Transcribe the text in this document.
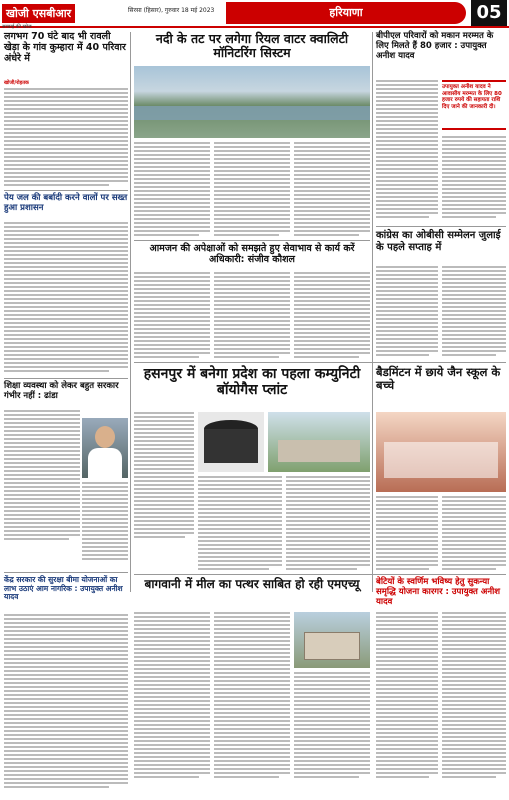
खोजी एसबीआर
सच्चाई की खोज
सिरसा (हिसार), गुरुवार 18 मई 2023	हरियाणा	05
लगभग 70 घंटे बाद भी रावली खेड़ा के गांव कुम्हारा में 40 परिवार अंधेरे में
खोजी/रोहतक
पेय जल की बर्बादी करने वालों पर सख्त हुआ प्रशासन
शिक्षा व्यवस्था को लेकर बहुत सरकार गंभीर नहीं : ढांडा
केंद्र सरकार की सुरक्षा बीमा योजनाओं का लाभ उठाएं आम नागरिक : उपायुक्त अनीश यादव
नदी के तट पर लगेगा रियल वाटर क्वालिटी मॉनिटरिंग सिस्टम
आमजन की अपेक्षाओं को समझते हुए सेवाभाव से कार्य करें अधिकारी: संजीव कौशल
बीपीएल परिवारों को मकान मरम्मत के लिए मिलते हैं 80 हजार : उपायुक्त अनीश यादव
उपायुक्त अनीश यादव ने आवासीय मरम्मत के लिए 80 हजार रुपये की सहायता राशि दिए जाने की जानकारी दी।
कांग्रेस का ओबीसी सम्मेलन जुलाई के पहले सप्ताह में
हसनपुर में बनेगा प्रदेश का पहला कम्युनिटी बॉयोगैस प्लांट
बैडमिंटन में छाये जैन स्कूल के बच्चे
बागवानी में मील का पत्थर साबित हो रही एमएच्यू	बेटियों के स्वर्णिम भविष्य हेतु सुकन्या समृद्धि योजना कारगर : उपायुक्त अनीश यादव
